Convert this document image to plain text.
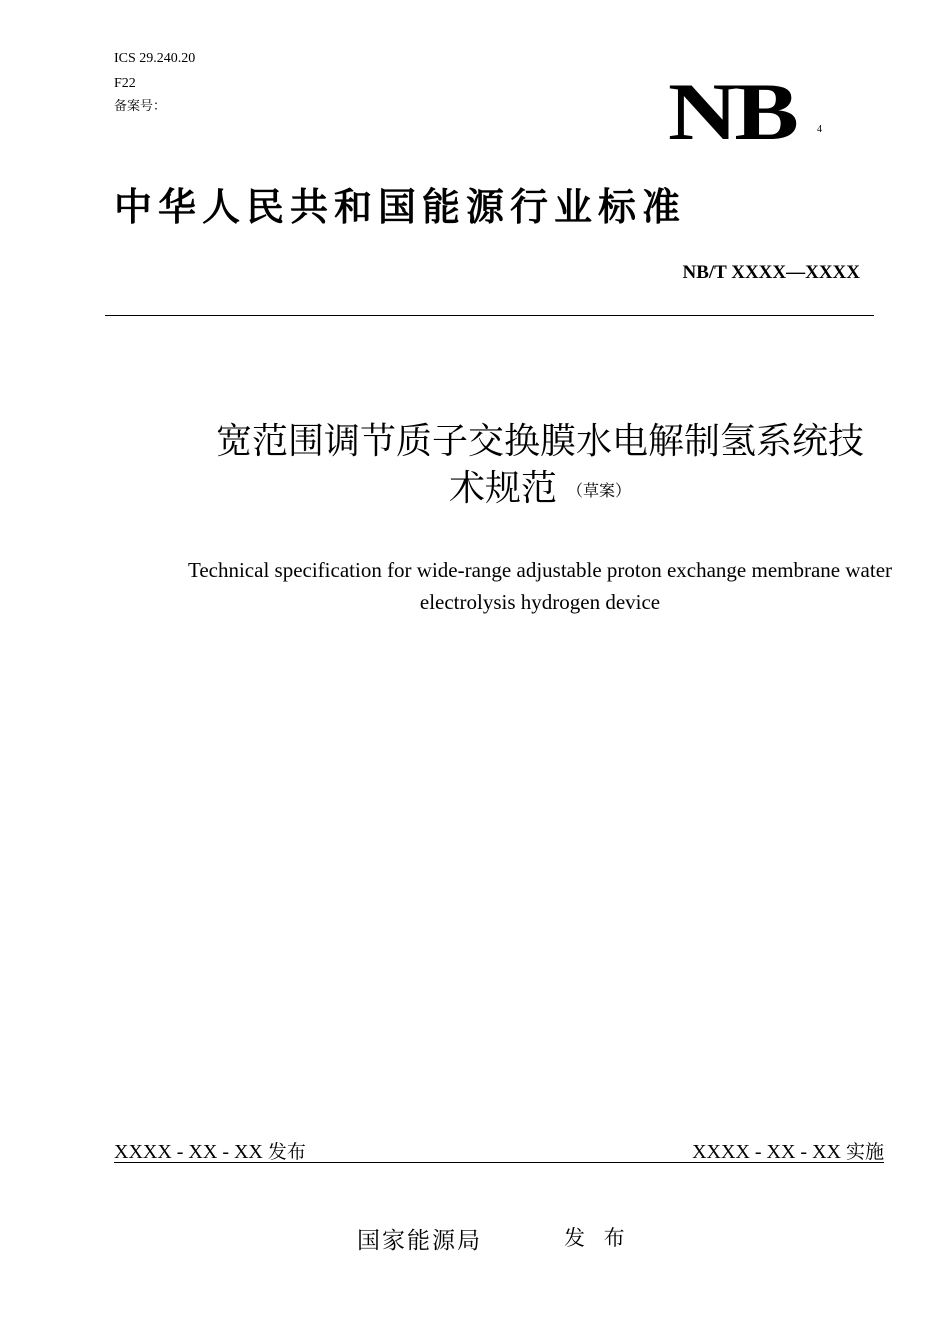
ICS 29.240.20
F22
备案号：	NB 4
中华人民共和国能源行业标准
NB/T XXXX—XXXX
宽范围调节质子交换膜水电解制氢系统技
术规范 （草案）
Technical specification for wide-range adjustable proton exchange membrane water
electrolysis hydrogen device
XXXX - XX - XX 发布	XXXX - XX - XX 实施
国家能源局	发 布
